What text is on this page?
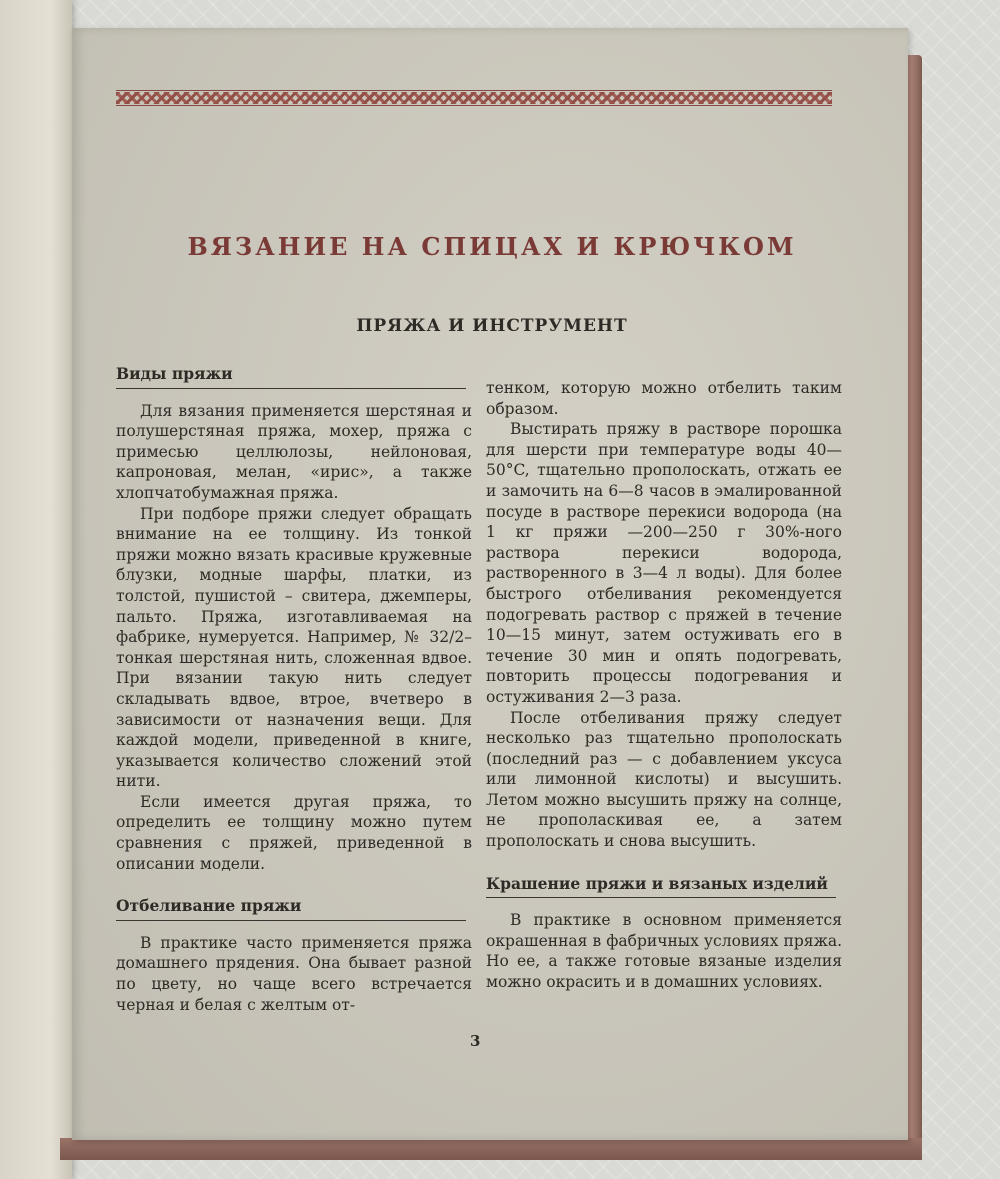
ВЯЗАНИЕ НА СПИЦАХ И КРЮЧКОМ
ПРЯЖА И ИНСТРУМЕНТ
Виды пряжи

Для вязания применяется шерстяная и полушерстяная пряжа, мохер, пряжа с примесью целлюлозы, нейлоновая, капроновая, мелан, «ирис», а также хлопчатобумажная пряжа.

При подборе пряжи следует обращать внимание на ее толщину. Из тонкой пряжи можно вязать красивые кружевные блузки, модные шарфы, платки, из толстой, пушистой – свитера, джемперы, пальто. Пряжа, изготавливаемая на фабрике, нумеруется. Например, № 32/2– тонкая шерстяная нить, сложенная вдвое. При вязании такую нить следует складывать вдвое, втрое, вчетверо в зависимости от назначения вещи. Для каждой модели, приведенной в книге, указывается количество сложений этой нити.

Если имеется другая пряжа, то определить ее толщину можно путем сравнения с пряжей, приведенной в описании модели.

Отбеливание пряжи

В практике часто применяется пряжа домашнего прядения. Она бывает разной по цвету, но чаще всего встречается черная и белая с желтым от-

тенком, которую можно отбелить таким образом.

Выстирать пряжу в растворе порошка для шерсти при температуре воды 40—50°C, тщательно прополоскать, отжать ее и замочить на 6—8 часов в эмалированной посуде в растворе перекиси водорода (на 1 кг пряжи —200—250 г 30%-ного раствора перекиси водорода, растворенного в 3—4 л воды). Для более быстрого отбеливания рекомендуется подогревать раствор с пряжей в течение 10—15 минут, затем остуживать его в течение 30 мин и опять подогревать, повторить процессы подогревания и остуживания 2—3 раза.

После отбеливания пряжу следует несколько раз тщательно прополоскать (последний раз — с добавлением уксуса или лимонной кислоты) и высушить. Летом можно высушить пряжу на солнце, не прополаскивая ее, а затем прополоскать и снова высушить.

Крашение пряжи и вязаных изделий

В практике в основном применяется окрашенная в фабричных условиях пряжа. Но ее, а также готовые вязаные изделия можно окрасить и в домашних условиях.

3
